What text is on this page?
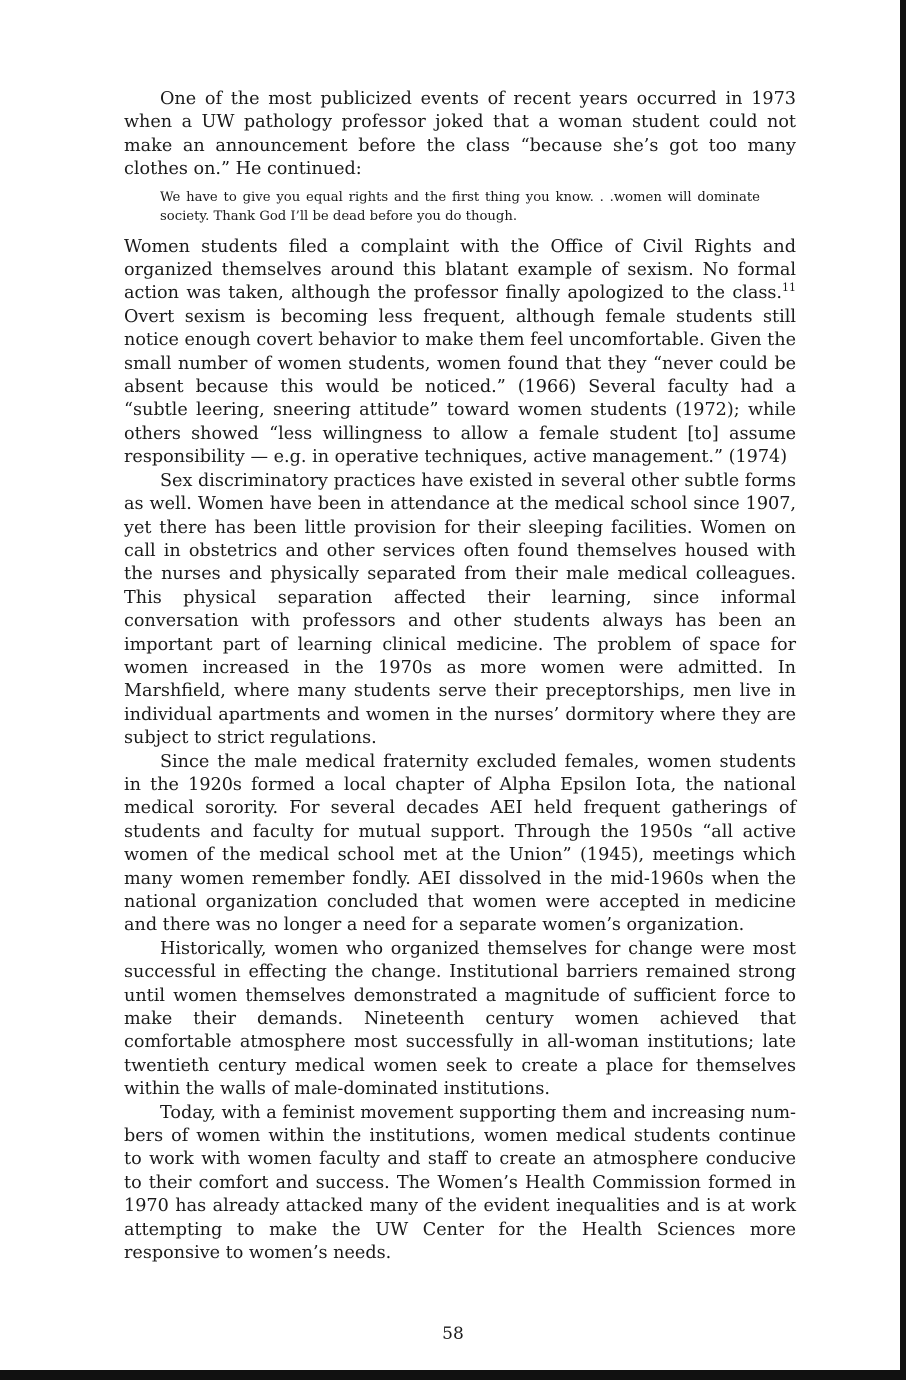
One of the most publicized events of recent years occurred in 1973 when a UW pathology professor joked that a woman student could not make an announcement before the class “because she’s got too many clothes on.” He continued:

We have to give you equal rights and the first thing you know. . .women will dominate society. Thank God I’ll be dead before you do though.

Women students filed a complaint with the Office of Civil Rights and organized themselves around this blatant example of sexism. No formal action was taken, although the professor finally apologized to the class.$^{11}$ Overt sexism is becoming less frequent, although female students still notice enough covert behavior to make them feel uncomfortable. Given the small number of women students, women found that they “never could be absent because this would be noticed.” (1966) Several faculty had a “subtle leering, sneering attitude” toward women students (1972); while others showed “less willingness to allow a female student [to] assume responsibility — e.g. in operative techniques, active management.” (1974)

Sex discriminatory practices have existed in several other subtle forms as well. Women have been in attendance at the medical school since 1907, yet there has been little provision for their sleeping facilities. Women on call in obstetrics and other services often found themselves housed with the nurses and physically separated from their male medical colleagues. This physical separation affected their learning, since informal conversation with professors and other students always has been an important part of learning clinical medicine. The problem of space for women increased in the 1970s as more women were admitted. In Marshfield, where many students serve their preceptorships, men live in individual apartments and women in the nurses’ dormitory where they are subject to strict regulations.

Since the male medical fraternity excluded females, women students in the 1920s formed a local chapter of Alpha Epsilon Iota, the national medical sorority. For several decades AEI held frequent gatherings of students and faculty for mutual support. Through the 1950s “all active women of the medical school met at the Union” (1945), meetings which many women remember fondly. AEI dissolved in the mid-1960s when the national organization concluded that women were accepted in medicine and there was no longer a need for a separate women’s organization.

Historically, women who organized themselves for change were most successful in effecting the change. Institutional barriers remained strong until women themselves demonstrated a magnitude of sufficient force to make their demands. Nineteenth century women achieved that comfortable atmosphere most successfully in all-woman institutions; late twentieth century medical women seek to create a place for themselves within the walls of male-dominated institutions.

Today, with a feminist movement supporting them and increasing numbers of women within the institutions, women medical students continue to work with women faculty and staff to create an atmosphere conducive to their comfort and success. The Women’s Health Commission formed in 1970 has already attacked many of the evident inequalities and is at work attempting to make the UW Center for the Health Sciences more responsive to women’s needs.

58
